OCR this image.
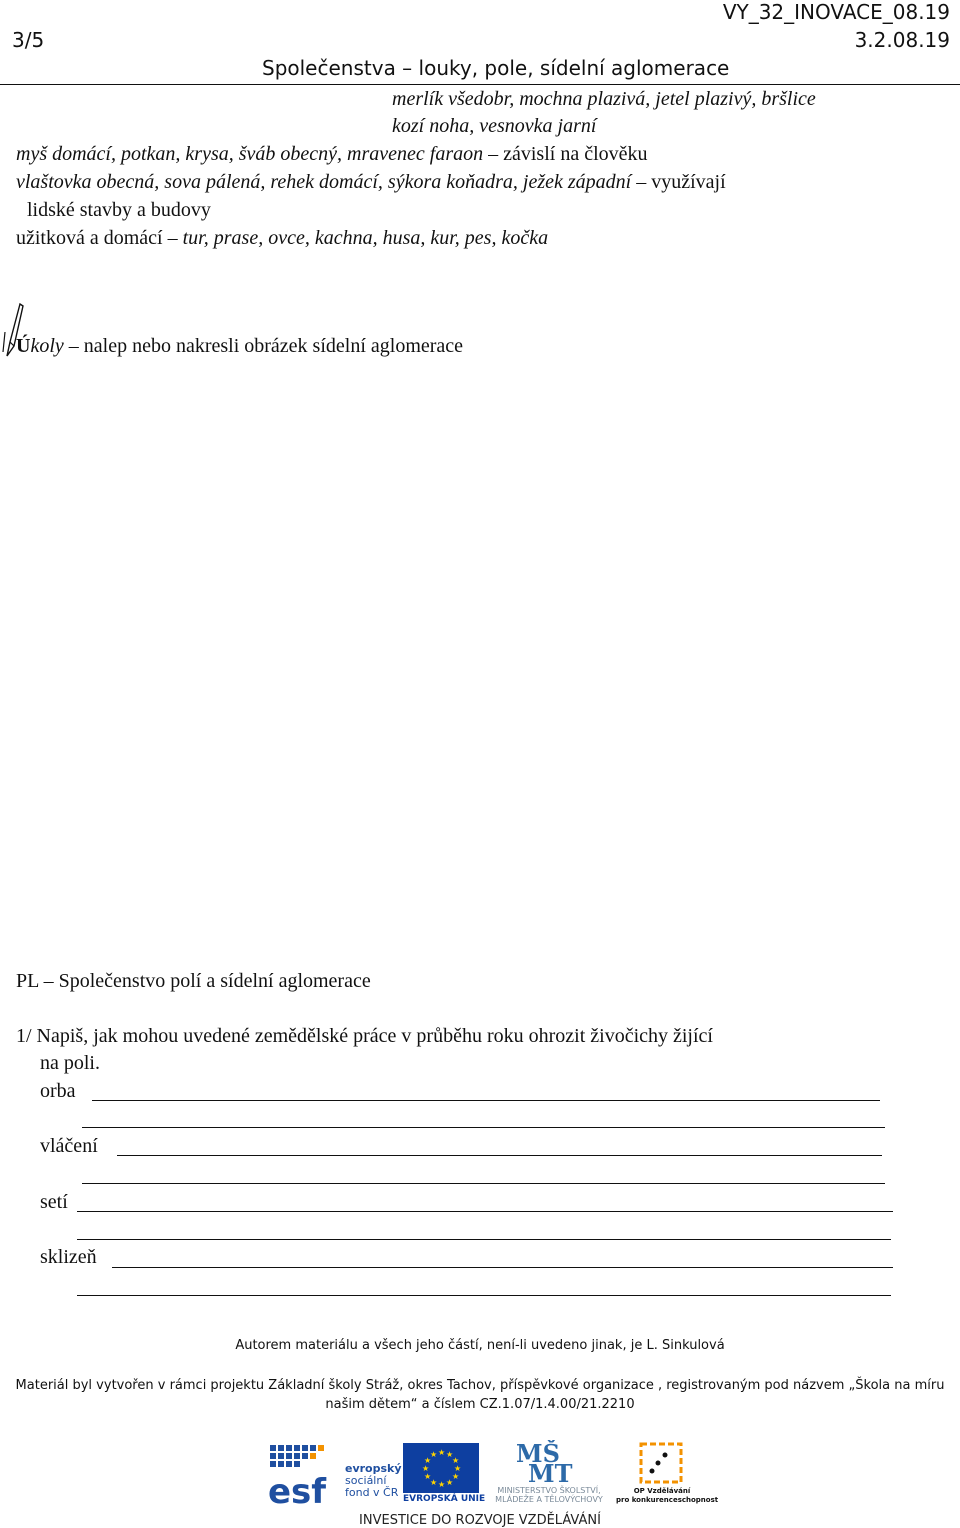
VY_32_INOVACE_08.19
3/5	3.2.08.19
Společenstva – louky, pole, sídelní aglomerace
merlík všedobr, mochna plazivá, jetel plazivý, bršlice
kozí noha, vesnovka jarní
myš domácí, potkan, krysa, šváb obecný, mravenec faraon – závislí na člověku
vlaštovka obecná, sova pálená, rehek domácí, sýkora koňadra, ježek západní – využívají
lidské stavby a budovy
užitková a domácí – tur, prase, ovce, kachna, husa, kur, pes, kočka
Úkoly – nalep nebo nakresli obrázek sídelní aglomerace
PL – Společenstvo polí a sídelní aglomerace
1/ Napiš, jak mohou uvedené zemědělské práce v průběhu roku ohrozit živočichy žijící
na poli.
orba
vláčení
setí
sklizeň
Autorem materiálu a všech jeho částí, není-li uvedeno jinak, je L. Sinkulová
Materiál byl vytvořen v rámci projektu Základní školy Stráž, okres Tachov, příspěvkové organizace , registrovaným pod názvem „Škola na míru
našim dětem“ a číslem CZ.1.07/1.4.00/21.2210
esf
evropský
sociální
fond v ČR
★ ★
★
★
★
★
★
★
★
★
★
★
EVROPSKÁ UNIE
MŠ
MT
MINISTERSTVO ŠKOLSTVÍ,
MLÁDEŽE A TĚLOVÝCHOVY
OP Vzdělávání
pro konkurenceschopnost
INVESTICE DO ROZVOJE VZDĚLÁVÁNÍ
